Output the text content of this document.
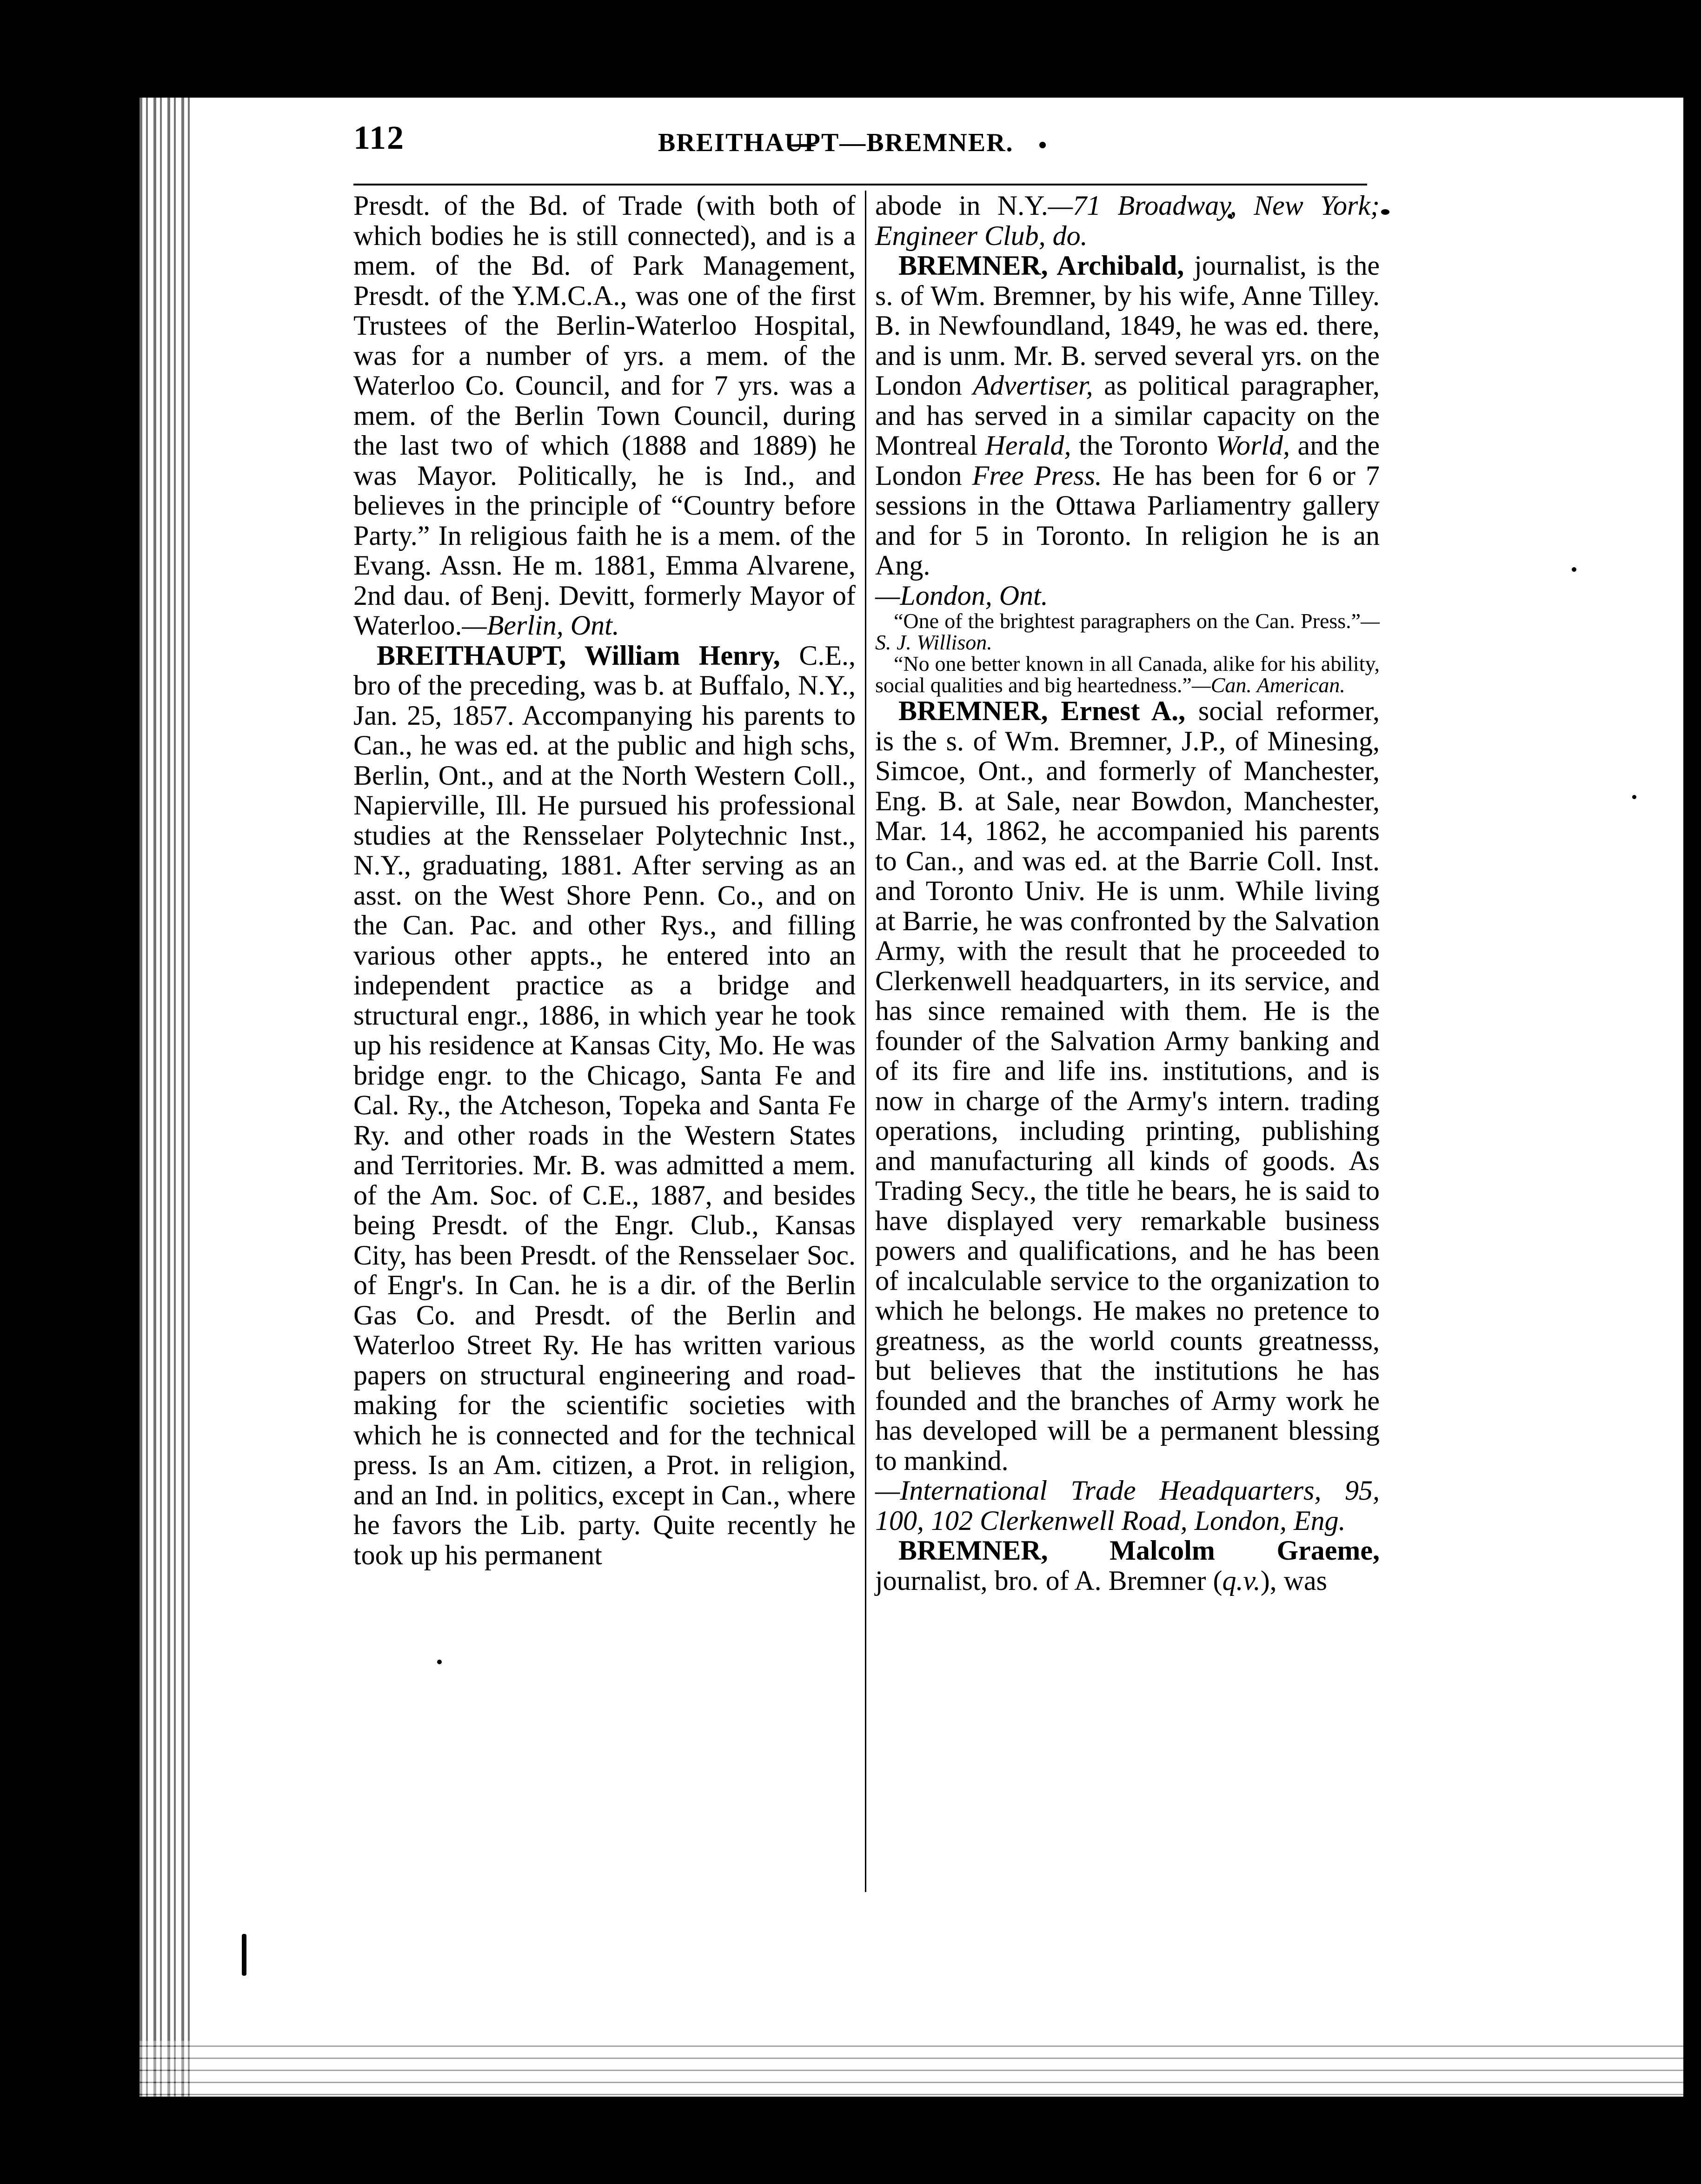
112	BREITHAUPT—BREMNER.

Presdt. of the Bd. of Trade (with both of which bodies he is still connected), and is a mem. of the Bd. of Park Management, Presdt. of the Y.M.C.A., was one of the first Trustees of the Berlin-Waterloo Hospital, was for a number of yrs. a mem. of the Waterloo Co. Council, and for 7 yrs. was a mem. of the Berlin Town Council, during the last two of which (1888 and 1889) he was Mayor. Politically, he is Ind., and believes in the principle of “Country before Party.” In religious faith he is a mem. of the Evang. Assn. He m. 1881, Emma Alvarene, 2nd dau. of Benj. Devitt, formerly Mayor of Waterloo.—Berlin, Ont.

BREITHAUPT, William Henry, C.E., bro of the preceding, was b. at Buffalo, N.Y., Jan. 25, 1857. Accompanying his parents to Can., he was ed. at the public and high schs, Berlin, Ont., and at the North Western Coll., Napierville, Ill. He pursued his professional studies at the Rensselaer Polytechnic Inst., N.Y., graduating, 1881. After serving as an asst. on the West Shore Penn. Co., and on the Can. Pac. and other Rys., and filling various other appts., he entered into an independent practice as a bridge and structural engr., 1886, in which year he took up his residence at Kansas City, Mo. He was bridge engr. to the Chicago, Santa Fe and Cal. Ry., the Atcheson, Topeka and Santa Fe Ry. and other roads in the Western States and Territories. Mr. B. was admitted a mem. of the Am. Soc. of C.E., 1887, and besides being Presdt. of the Engr. Club., Kansas City, has been Presdt. of the Rensselaer Soc. of Engr's. In Can. he is a dir. of the Berlin Gas Co. and Presdt. of the Berlin and Waterloo Street Ry. He has written various papers on structural engineering and road-making for the scientific societies with which he is connected and for the technical press. Is an Am. citizen, a Prot. in religion, and an Ind. in politics, except in Can., where he favors the Lib. party. Quite recently he took up his permanent

abode in N.Y.—71 Broadway, New York; Engineer Club, do.

BREMNER, Archibald, journalist, is the s. of Wm. Bremner, by his wife, Anne Tilley. B. in Newfoundland, 1849, he was ed. there, and is unm. Mr. B. served several yrs. on the London Advertiser, as political paragrapher, and has served in a similar capacity on the Montreal Herald, the Toronto World, and the London Free Press. He has been for 6 or 7 sessions in the Ottawa Parliamentry gallery and for 5 in Toronto. In religion he is an Ang.
—London, Ont.

“One of the brightest paragraphers on the Can. Press.”—S. J. Willison.

“No one better known in all Canada, alike for his ability, social qualities and big heartedness.”—Can. American.

BREMNER, Ernest A., social reformer, is the s. of Wm. Bremner, J.P., of Minesing, Simcoe, Ont., and formerly of Manchester, Eng. B. at Sale, near Bowdon, Manchester, Mar. 14, 1862, he accompanied his parents to Can., and was ed. at the Barrie Coll. Inst. and Toronto Univ. He is unm. While living at Barrie, he was confronted by the Salvation Army, with the result that he proceeded to Clerkenwell headquarters, in its service, and has since remained with them. He is the founder of the Salvation Army banking and of its fire and life ins. institutions, and is now in charge of the Army's intern. trading operations, including printing, publishing and manufacturing all kinds of goods. As Trading Secy., the title he bears, he is said to have displayed very remarkable business powers and qualifications, and he has been of incalculable service to the organization to which he belongs. He makes no pretence to greatness, as the world counts greatnesss, but believes that the institutions he has founded and the branches of Army work he has developed will be a permanent blessing to mankind.
—International Trade Headquarters, 95, 100, 102 Clerkenwell Road, London, Eng.

BREMNER, Malcolm Graeme, journalist, bro. of A. Bremner (q.v.), was
